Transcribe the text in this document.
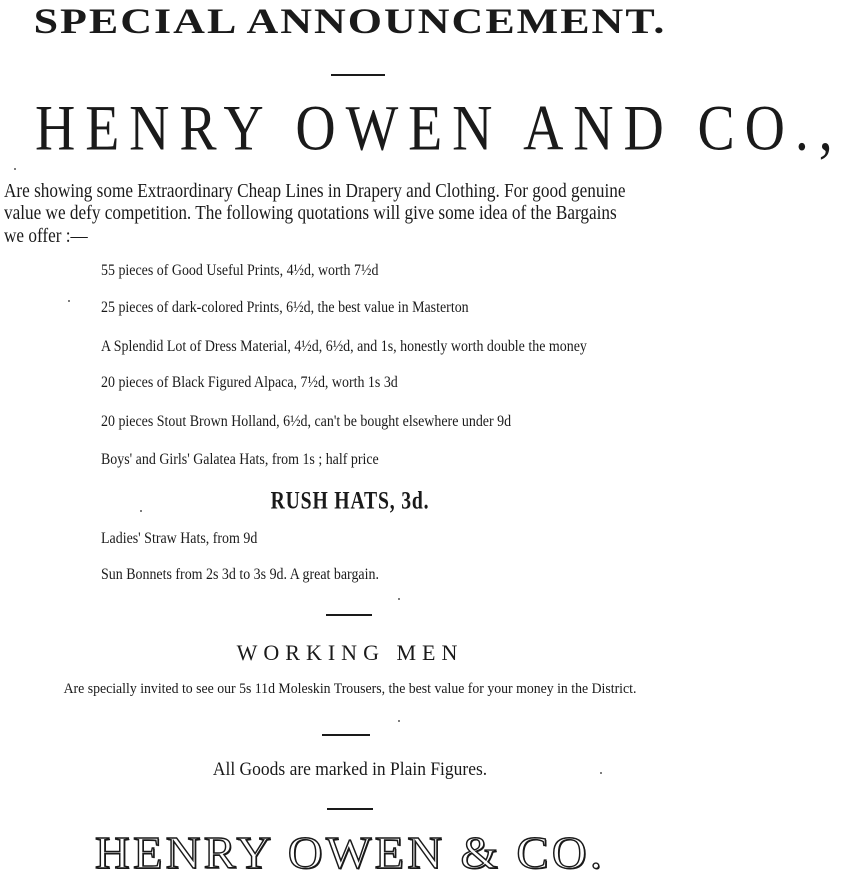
SPECIAL ANNOUNCEMENT.
HENRY OWEN AND CO.,
Are showing some Extraordinary Cheap Lines in Drapery and Clothing. For good genuine
value we defy competition. The following quotations will give some idea of the Bargains
we offer :—
55 pieces of Good Useful Prints, 4½d, worth 7½d
25 pieces of dark-colored Prints, 6½d, the best value in Masterton
A Splendid Lot of Dress Material, 4½d, 6½d, and 1s, honestly worth double the money
20 pieces of Black Figured Alpaca, 7½d, worth 1s 3d
20 pieces Stout Brown Holland, 6½d, can't be bought elsewhere under 9d
Boys' and Girls' Galatea Hats, from 1s ; half price
RUSH HATS, 3d.
Ladies' Straw Hats, from 9d
Sun Bonnets from 2s 3d to 3s 9d. A great bargain.
WORKING MEN
Are specially invited to see our 5s 11d Moleskin Trousers, the best value for your money in the District.
All Goods are marked in Plain Figures.
HENRY OWEN & CO.
